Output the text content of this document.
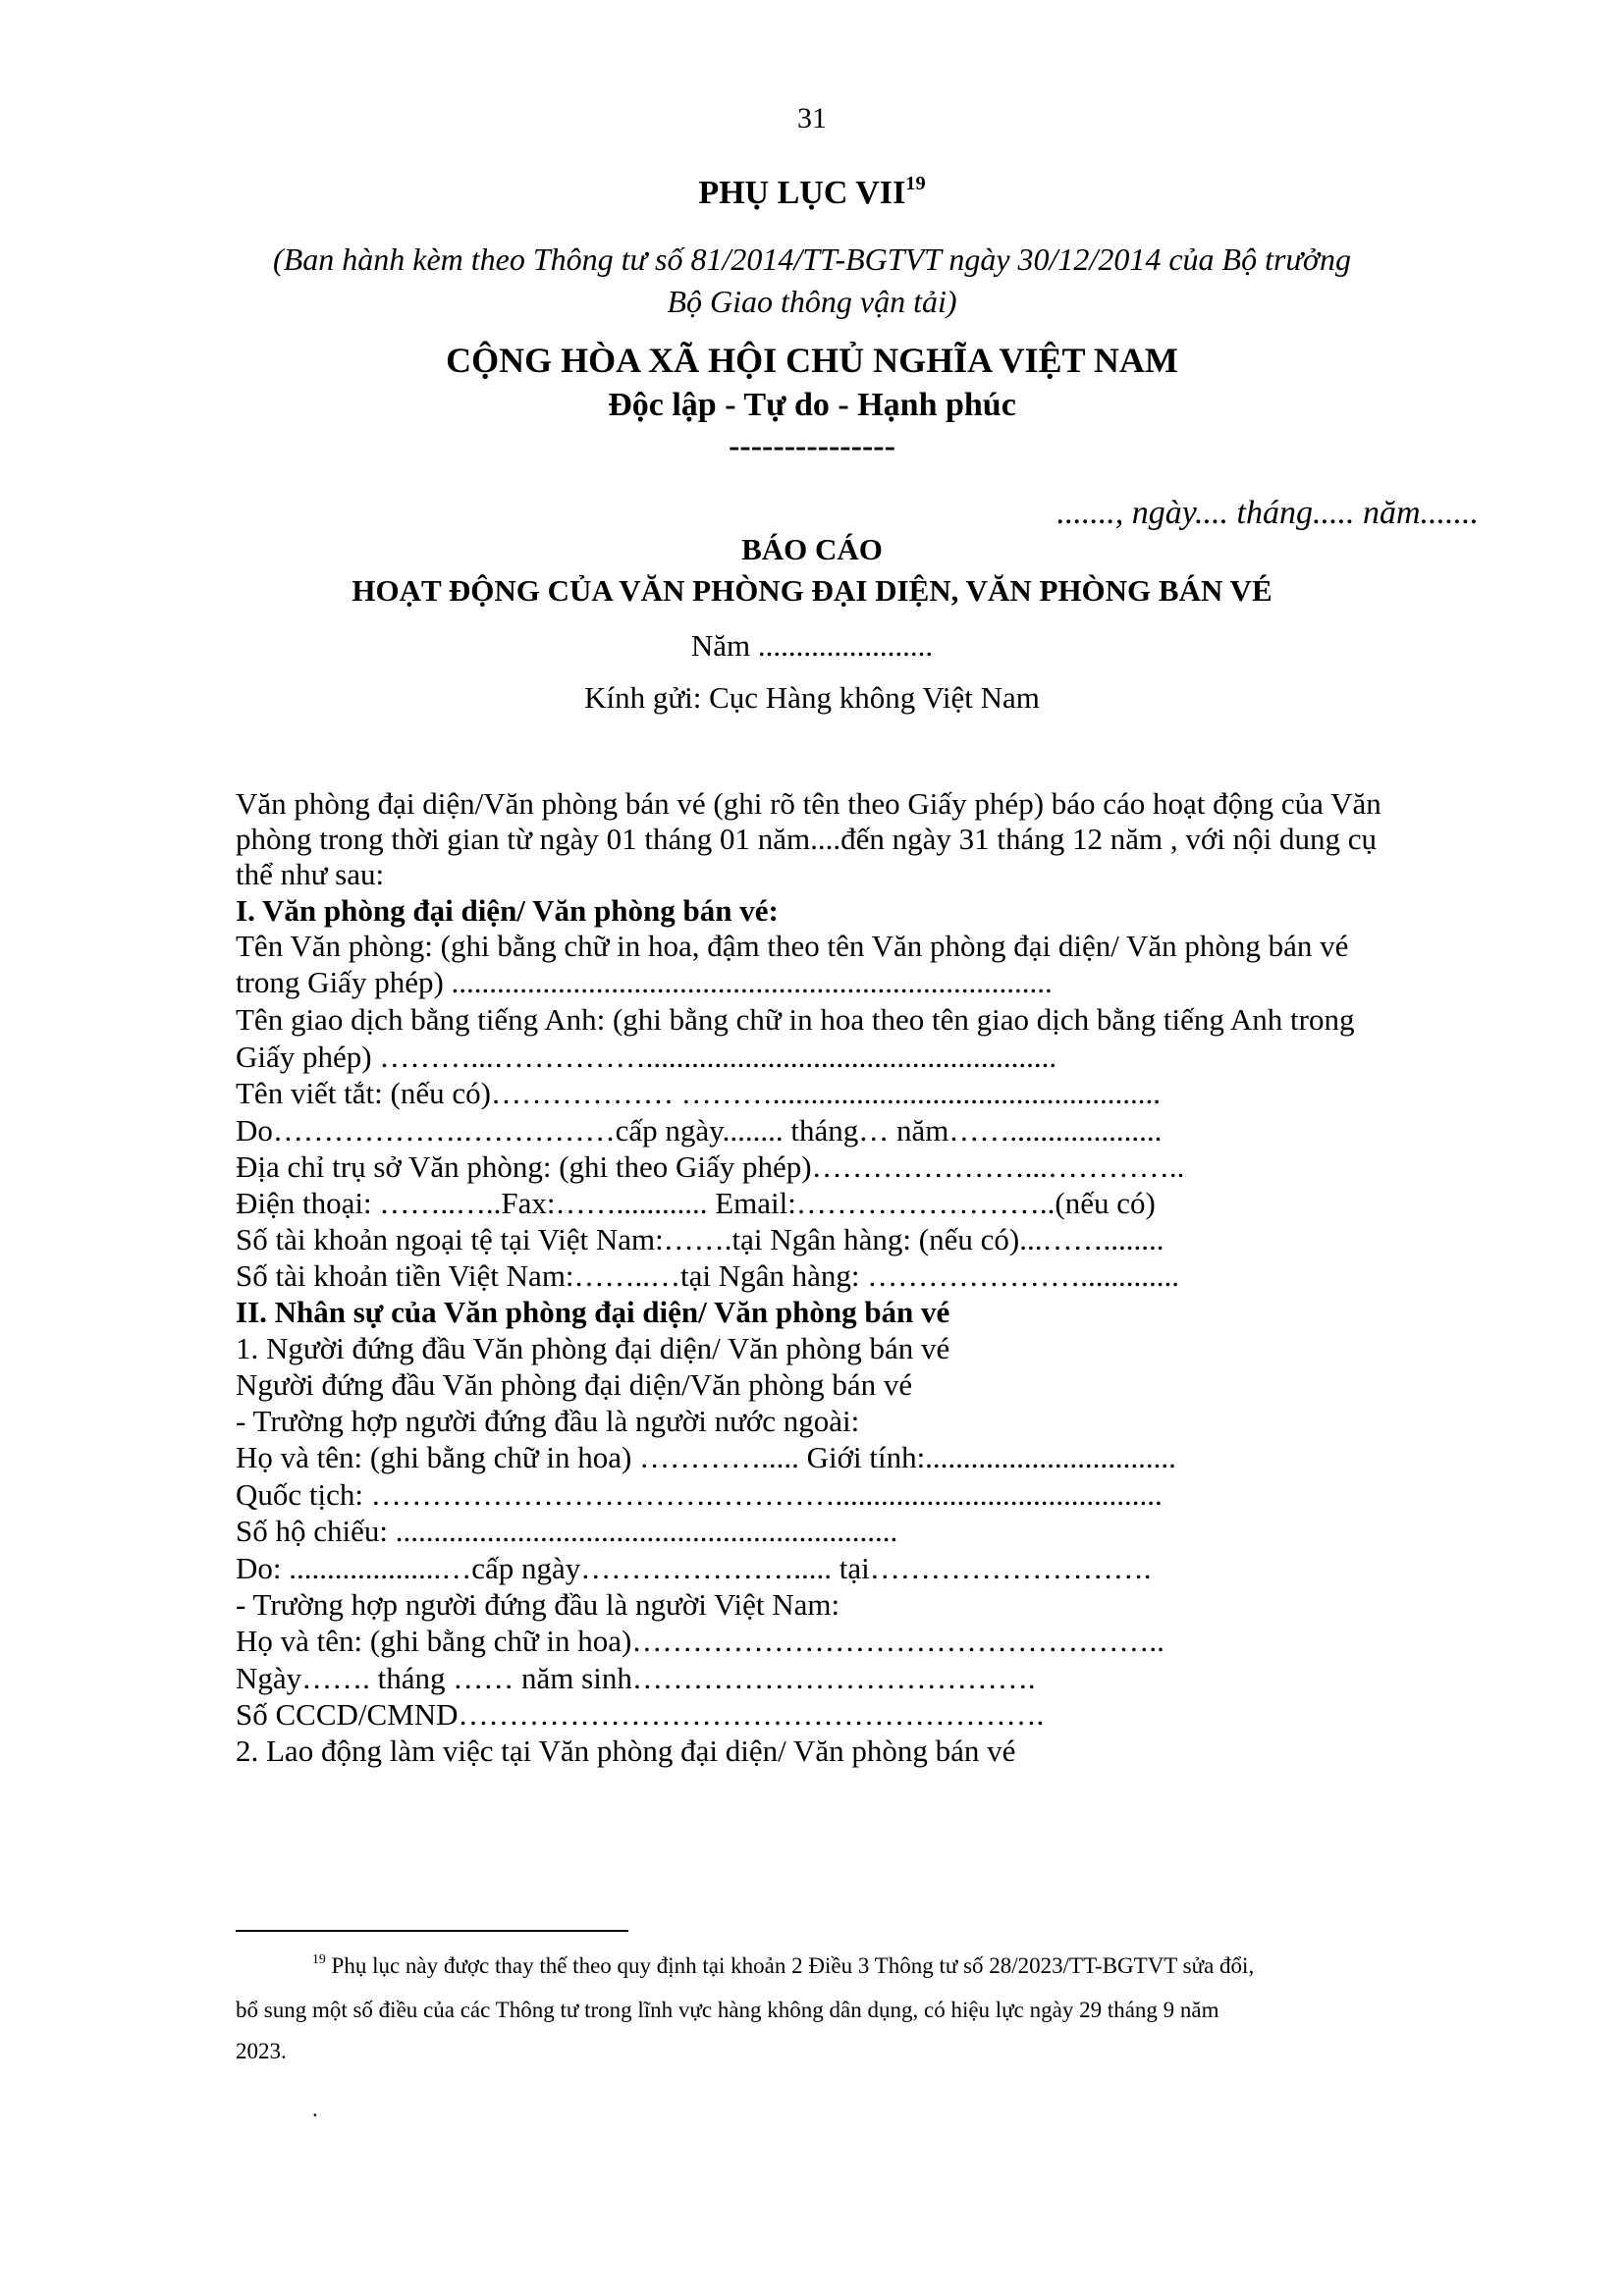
31
PHỤ LỤC VII$^{19}$
(Ban hành kèm theo Thông tư số 81/2014/TT-BGTVT ngày 30/12/2014 của Bộ trưởng
Bộ Giao thông vận tải)
CỘNG HÒA XÃ HỘI CHỦ NGHĨA VIỆT NAM
Độc lập - Tự do - Hạnh phúc
---------------
......., ngày.... tháng..... năm.......
BÁO CÁO
HOẠT ĐỘNG CỦA VĂN PHÒNG ĐẠI DIỆN, VĂN PHÒNG BÁN VÉ
Năm .......................
Kính gửi: Cục Hàng không Việt Nam
Văn phòng đại diện/Văn phòng bán vé (ghi rõ tên theo Giấy phép) báo cáo hoạt động của Văn
phòng trong thời gian từ ngày 01 tháng 01 năm....đến ngày 31 tháng 12 năm , với nội dung cụ
thể như sau:
I. Văn phòng đại diện/ Văn phòng bán vé:
Tên Văn phòng: (ghi bằng chữ in hoa, đậm theo tên Văn phòng đại diện/ Văn phòng bán vé
trong Giấy phép) ...............................................................................
Tên giao dịch bằng tiếng Anh: (ghi bằng chữ in hoa theo tên giao dịch bằng tiếng Anh trong
Giấy phép) ………...……………......................................................
Tên viết tắt: (nếu có)……………… ………...................................................
Do……………….……………cấp ngày........ tháng… năm……....................
Địa chỉ trụ sở Văn phòng: (ghi theo Giấy phép)…………………...…………..
Điện thoại: ……..…..Fax:……............ Email:……………………..(nếu có)
Số tài khoản ngoại tệ tại Việt Nam:…….tại Ngân hàng: (nếu có)...……........
Số tài khoản tiền Việt Nam:……..…tại Ngân hàng: ………………….............
II. Nhân sự của Văn phòng đại diện/ Văn phòng bán vé
1. Người đứng đầu Văn phòng đại diện/ Văn phòng bán vé
Người đứng đầu Văn phòng đại diện/Văn phòng bán vé
- Trường hợp người đứng đầu là người nước ngoài:
Họ và tên: (ghi bằng chữ in hoa) …………..... Giới tính:.................................
Quốc tịch: …………………………….…………...........................................
Số hộ chiếu: ..................................................................
Do: ....................…cấp ngày…………………..... tại……………………….
- Trường hợp người đứng đầu là người Việt Nam:
Họ và tên: (ghi bằng chữ in hoa)……………………………………………..
Ngày……. tháng …… năm sinh………………………………….
Số CCCD/CMND………………………………………………….
2. Lao động làm việc tại Văn phòng đại diện/ Văn phòng bán vé
$^{19}$ Phụ lục này được thay thế theo quy định tại khoản 2 Điều 3 Thông tư số 28/2023/TT-BGTVT sửa đổi,
bổ sung một số điều của các Thông tư trong lĩnh vực hàng không dân dụng, có hiệu lực ngày 29 tháng 9 năm
2023.
.
